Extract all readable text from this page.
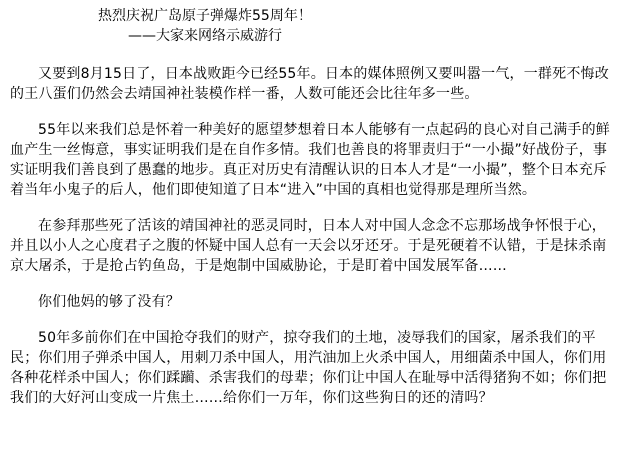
热烈庆祝广岛原子弹爆炸55周年！

——大家来网络示威游行

又要到8月15日了，日本战败距今已经55年。日本的媒体照例又要叫嚣一气，一群死不悔改的王八蛋们仍然会去靖国神社装模作样一番，人数可能还会比往年多一些。

55年以来我们总是怀着一种美好的愿望梦想着日本人能够有一点起码的良心对自己满手的鲜血产生一丝悔意，事实证明我们是在自作多情。我们也善良的将罪责归于“一小撮”好战份子，事实证明我们善良到了愚蠢的地步。真正对历史有清醒认识的日本人才是“一小撮”，整个日本充斥着当年小鬼子的后人，他们即使知道了日本“进入”中国的真相也觉得那是理所当然。

在参拜那些死了活该的靖国神社的恶灵同时，日本人对中国人念念不忘那场战争怀恨于心，并且以小人之心度君子之腹的怀疑中国人总有一天会以牙还牙。于是死硬着不认错，于是抹杀南京大屠杀，于是抢占钓鱼岛，于是炮制中国威胁论，于是盯着中国发展军备……

你们他妈的够了没有？

50年多前你们在中国抢夺我们的财产，掠夺我们的土地，凌辱我们的国家，屠杀我们的平民；你们用子弹杀中国人，用刺刀杀中国人，用汽油加上火杀中国人，用细菌杀中国人，你们用各种花样杀中国人；你们蹂躏、杀害我们的母辈；你们让中国人在耻辱中活得猪狗不如；你们把我们的大好河山变成一片焦土……给你们一万年，你们这些狗日的还的清吗？
